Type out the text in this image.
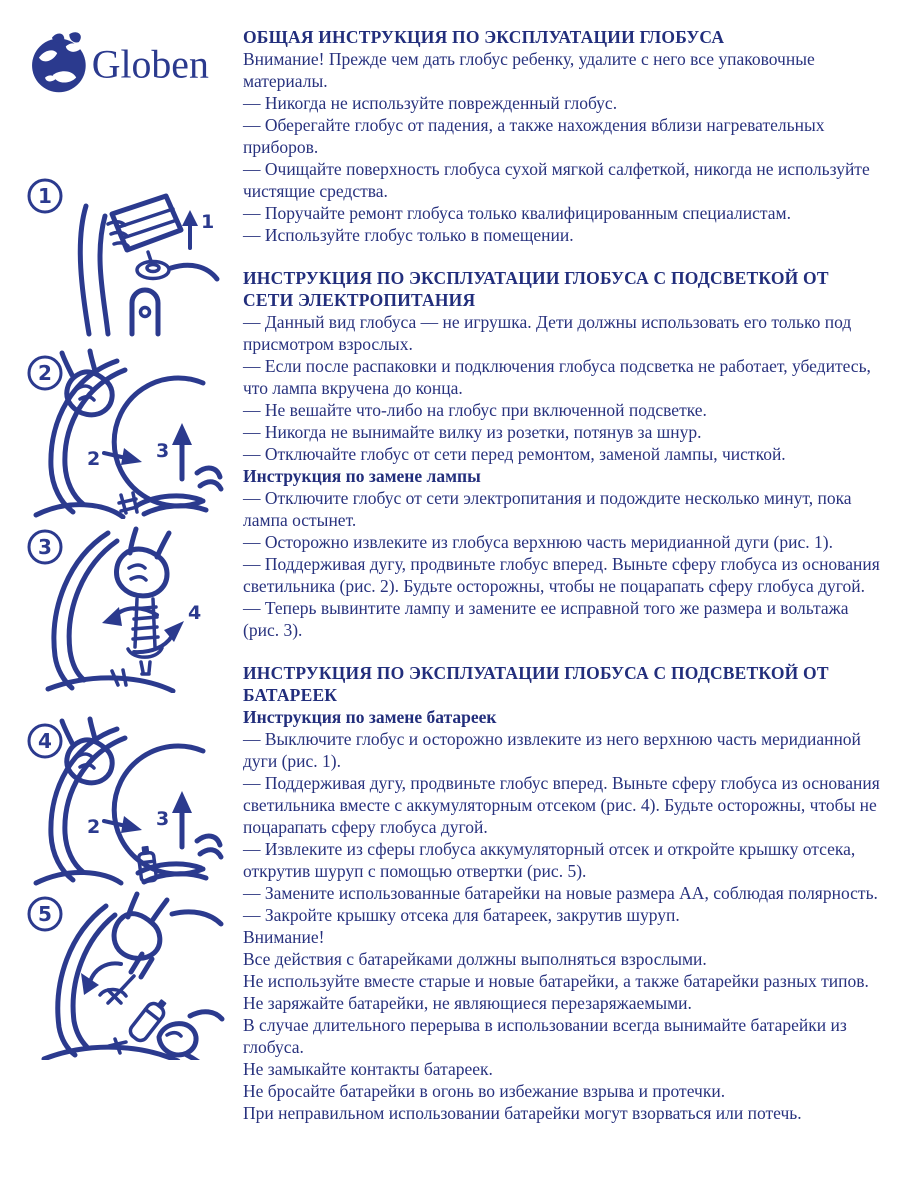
Globen
1
1
2
2	3
3
4
4
2	3
5
ОБЩАЯ ИНСТРУКЦИЯ ПО ЭКСПЛУАТАЦИИ ГЛОБУСА

Внимание! Прежде чем дать глобус ребенку, удалите с него все упаковочные материалы.

— Никогда не используйте поврежденный глобус.

— Оберегайте глобус от падения, а также нахождения вблизи нагревательных приборов.

— Очищайте поверхность глобуса сухой мягкой салфеткой, никогда не используйте чистящие средства.

— Поручайте ремонт глобуса только квалифицированным специалистам.

— Используйте глобус только в помещении.

ИНСТРУКЦИЯ ПО ЭКСПЛУАТАЦИИ ГЛОБУСА С ПОДСВЕТКОЙ ОТ СЕТИ ЭЛЕКТРОПИТАНИЯ

— Данный вид глобуса — не игрушка. Дети должны использовать его только под присмотром взрослых.

— Если после распаковки и подключения глобуса подсветка не работает, убедитесь, что лампа вкручена до конца.

— Не вешайте что-либо на глобус при включенной подсветке.

— Никогда не вынимайте вилку из розетки, потянув за шнур.

— Отключайте глобус от сети перед ремонтом, заменой лампы, чисткой.

Инструкция по замене лампы

— Отключите глобус от сети электропитания и подождите несколько минут, пока лампа остынет.

— Осторожно извлеките из глобуса верхнюю часть меридианной дуги (рис. 1).

— Поддерживая дугу, продвиньте глобус вперед. Выньте сферу глобуса из основания светильника (рис. 2). Будьте осторожны, чтобы не поцарапать сферу глобуса дугой.

— Теперь вывинтите лампу и замените ее исправной того же размера и вольтажа (рис. 3).

ИНСТРУКЦИЯ ПО ЭКСПЛУАТАЦИИ ГЛОБУСА С ПОДСВЕТКОЙ ОТ БАТАРЕЕК

Инструкция по замене батареек

— Выключите глобус и осторожно извлеките из него верхнюю часть меридианной дуги (рис. 1).

— Поддерживая дугу, продвиньте глобус вперед. Выньте сферу глобуса из основания светильника вместе с аккумуляторным отсеком (рис. 4). Будьте осторожны, чтобы не поцарапать сферу глобуса дугой.

— Извлеките из сферы глобуса аккумуляторный отсек и откройте крышку отсека, открутив шуруп с помощью отвертки (рис. 5).

— Замените использованные батарейки на новые размера АА, соблюдая полярность.

— Закройте крышку отсека для батареек, закрутив шуруп.

Внимание!

Все действия с батарейками должны выполняться взрослыми.

Не используйте вместе старые и новые батарейки, а также батарейки разных типов.

Не заряжайте батарейки, не являющиеся перезаряжаемыми.

В случае длительного перерыва в использовании всегда вынимайте батарейки из глобуса.

Не замыкайте контакты батареек.

Не бросайте батарейки в огонь во избежание взрыва и протечки.

При неправильном использовании батарейки могут взорваться или потечь.
